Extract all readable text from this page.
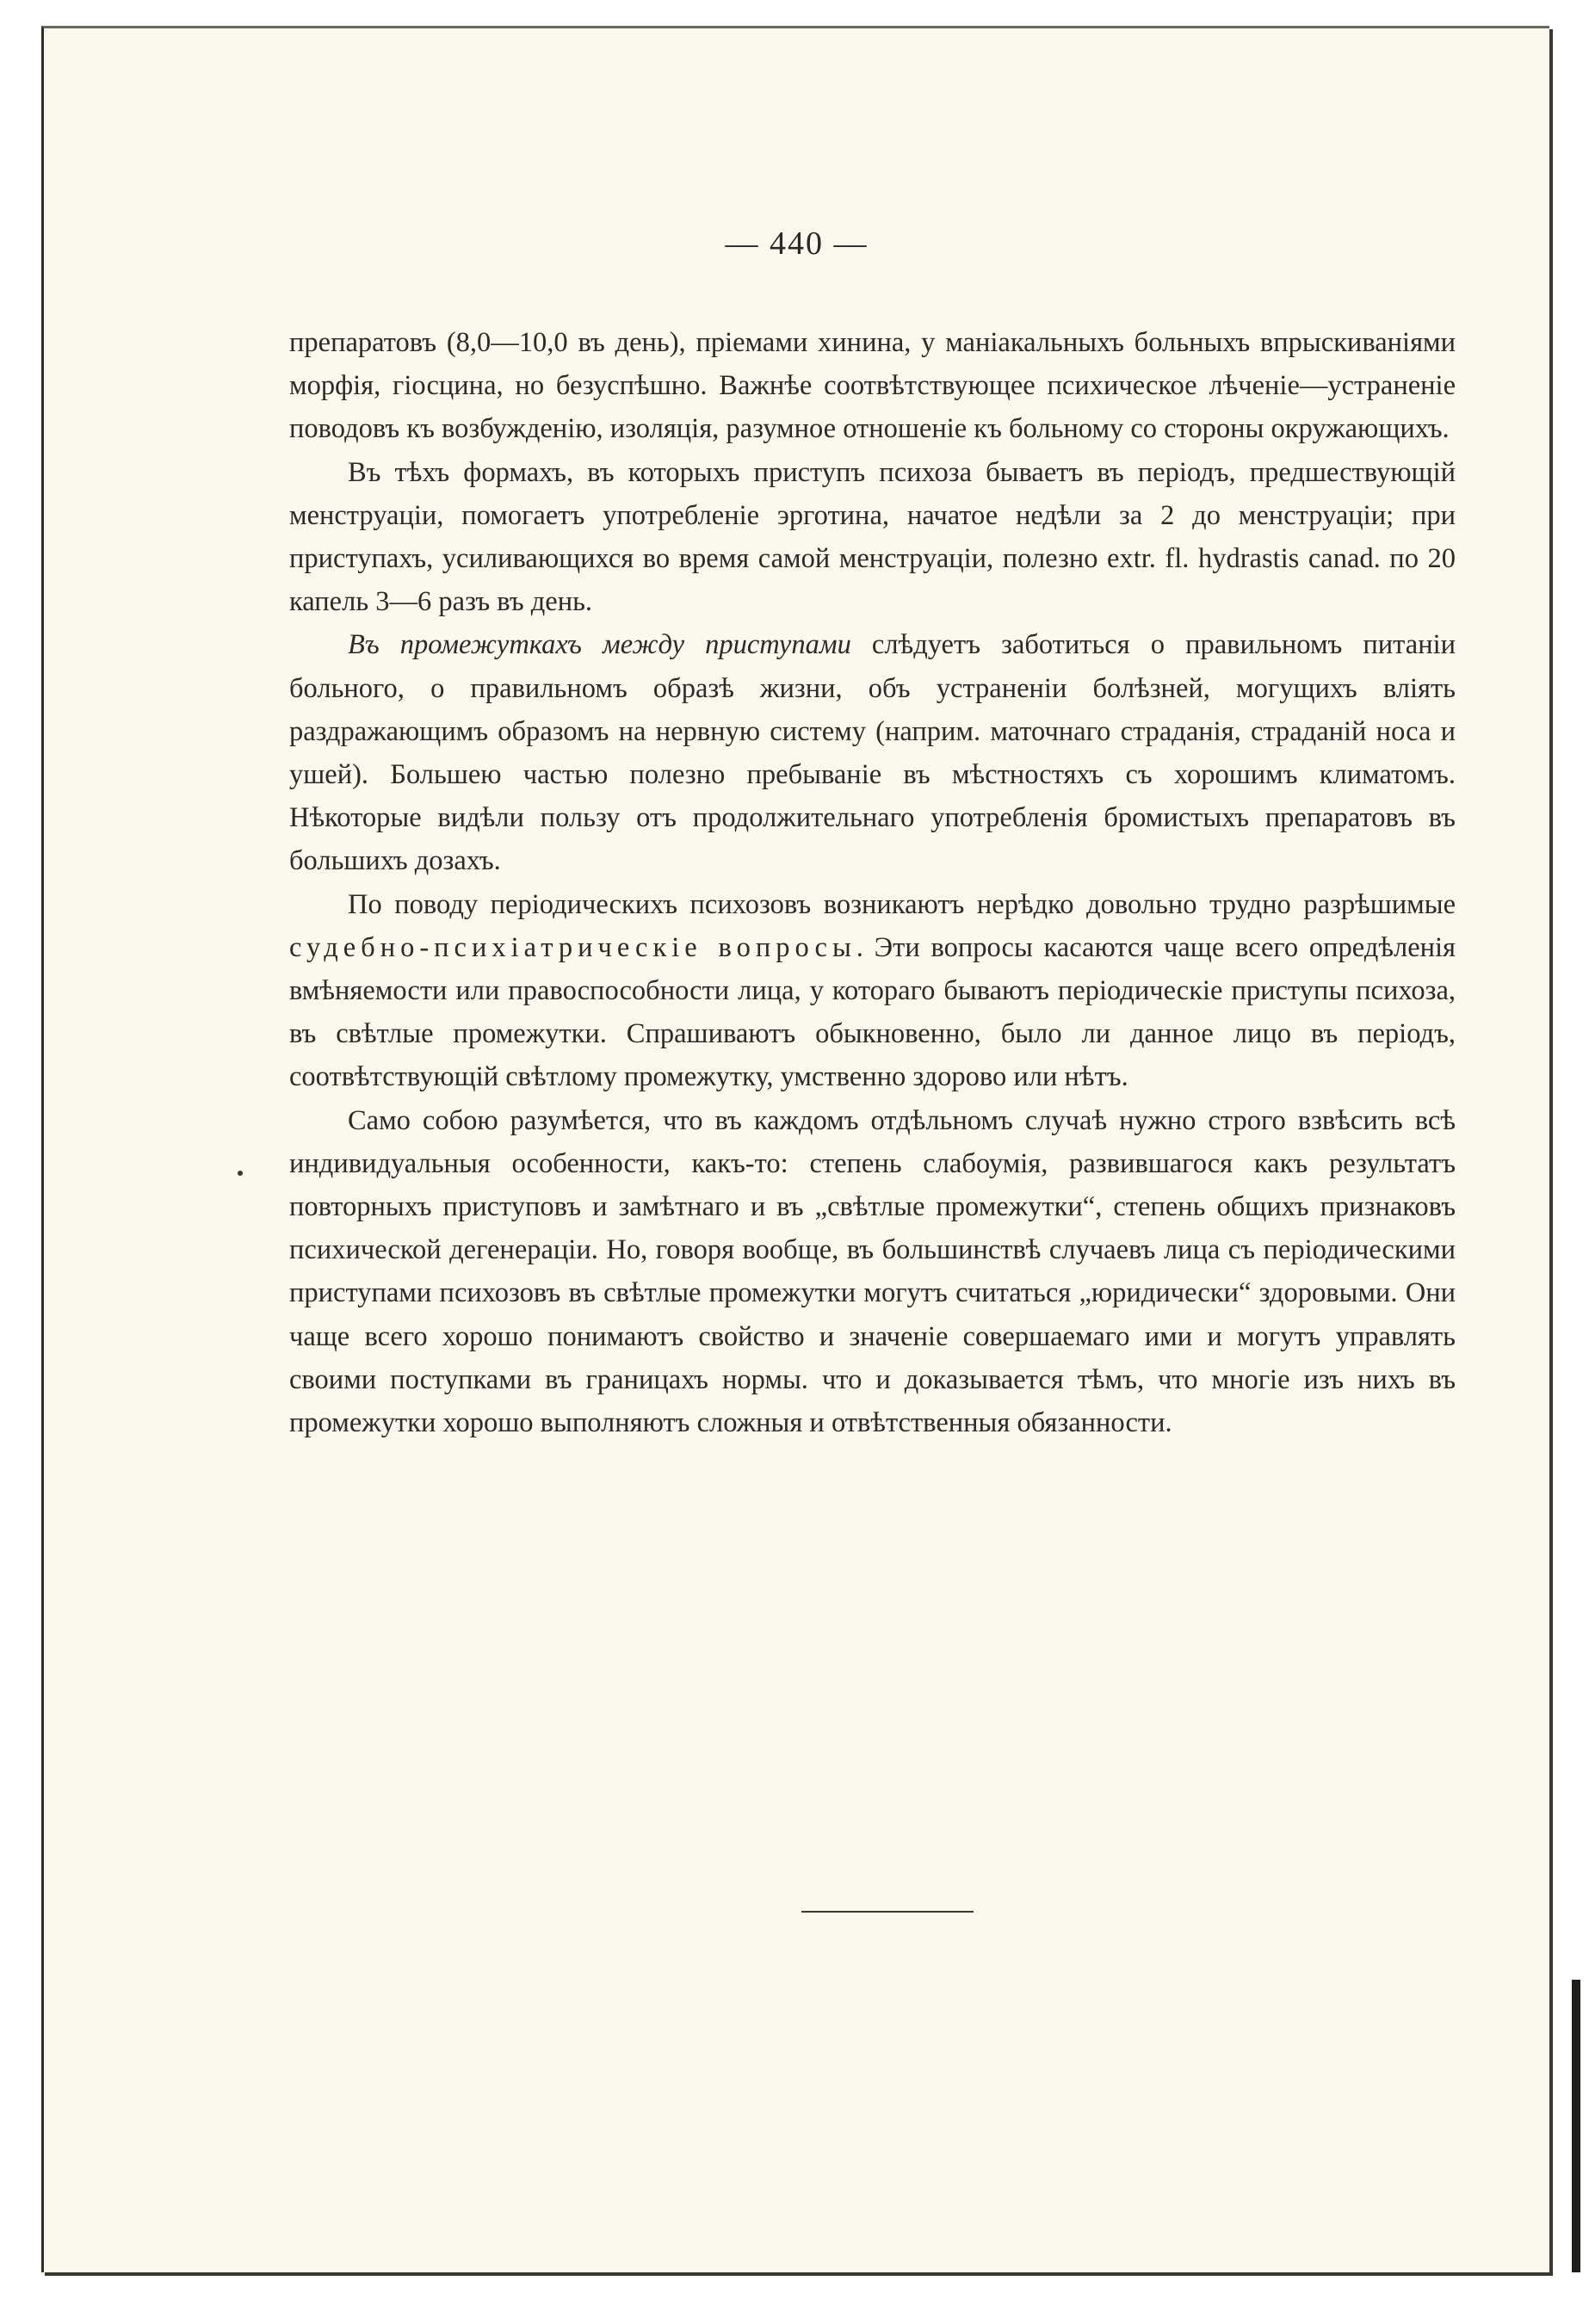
— 440 —

препаратовъ (8,0—10,0 въ день), пріемами хинина, у маніакальныхъ больныхъ впрыскиваніями морфія, гіосцина, но безуспѣшно. Важнѣе соотвѣтствующее психическое лѣченіе—устраненіе поводовъ къ возбужденію, изоляція, разумное отношеніе къ больному со стороны окружающихъ.

Въ тѣхъ формахъ, въ которыхъ приступъ психоза бываетъ въ періодъ, предшествующій менструаціи, помогаетъ употребленіе эрготина, начатое недѣли за 2 до менструаціи; при приступахъ, усиливающихся во время самой менструаціи, полезно extr. fl. hydrastis canad. по 20 капель 3—6 разъ въ день.

Въ промежуткахъ между приступами слѣдуетъ заботиться о правильномъ питаніи больного, о правильномъ образѣ жизни, объ устраненіи болѣзней, могущихъ вліять раздражающимъ образомъ на нервную систему (наприм. маточнаго страданія, страданій носа и ушей). Большею частью полезно пребываніе въ мѣстностяхъ съ хорошимъ климатомъ. Нѣкоторые видѣли пользу отъ продолжительнаго употребленія бромистыхъ препаратовъ въ большихъ дозахъ.

По поводу періодическихъ психозовъ возникаютъ нерѣдко довольно трудно разрѣшимые судебно-психіатрическіе вопросы. Эти вопросы касаются чаще всего опредѣленія вмѣняемости или правоспособности лица, у котораго бываютъ періодическіе приступы психоза, въ свѣтлые промежутки. Спрашиваютъ обыкновенно, было ли данное лицо въ періодъ, соотвѣтствующій свѣтлому промежутку, умственно здорово или нѣтъ.

Само собою разумѣется, что въ каждомъ отдѣльномъ случаѣ нужно строго взвѣсить всѣ индивидуальныя особенности, какъ-то: степень слабоумія, развившагося какъ результатъ повторныхъ приступовъ и замѣтнаго и въ „свѣтлые промежутки“, степень общихъ признаковъ психической дегенераціи. Но, говоря вообще, въ большинствѣ случаевъ лица съ періодическими приступами психозовъ въ свѣтлые промежутки могутъ считаться „юридически“ здоровыми. Они чаще всего хорошо понимаютъ свойство и значеніе совершаемаго ими и могутъ управлять своими поступками въ границахъ нормы. что и доказывается тѣмъ, что многіе изъ нихъ въ промежутки хорошо выполняютъ сложныя и отвѣтственныя обязанности.
